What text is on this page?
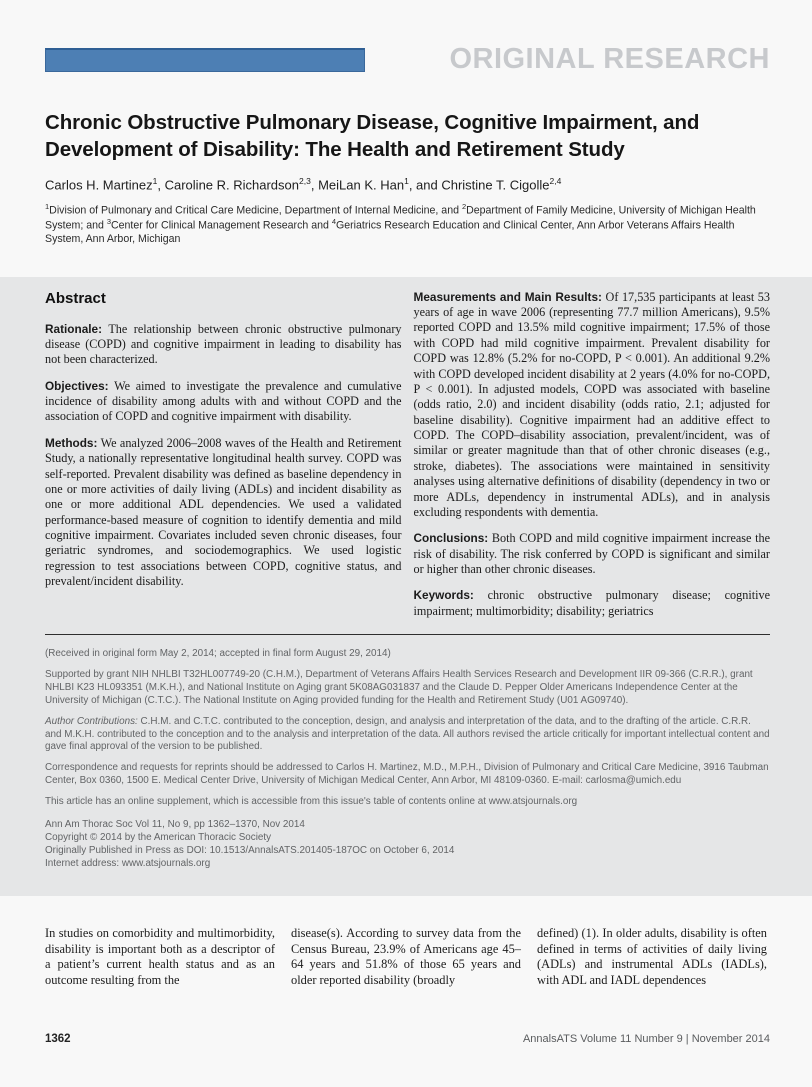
ORIGINAL RESEARCH
Chronic Obstructive Pulmonary Disease, Cognitive Impairment, and Development of Disability: The Health and Retirement Study

Carlos H. Martinez$^1$, Caroline R. Richardson$^{2,3}$, MeiLan K. Han$^1$, and Christine T. Cigolle$^{2,4}$

$^1$Division of Pulmonary and Critical Care Medicine, Department of Internal Medicine, and $^2$Department of Family Medicine, University of Michigan Health System; and $^3$Center for Clinical Management Research and $^4$Geriatrics Research Education and Clinical Center, Ann Arbor Veterans Affairs Health System, Ann Arbor, Michigan

Abstract

Rationale: The relationship between chronic obstructive pulmonary disease (COPD) and cognitive impairment in leading to disability has not been characterized.

Objectives: We aimed to investigate the prevalence and cumulative incidence of disability among adults with and without COPD and the association of COPD and cognitive impairment with disability.

Methods: We analyzed 2006–2008 waves of the Health and Retirement Study, a nationally representative longitudinal health survey. COPD was self-reported. Prevalent disability was defined as baseline dependency in one or more activities of daily living (ADLs) and incident disability as one or more additional ADL dependencies. We used a validated performance-based measure of cognition to identify dementia and mild cognitive impairment. Covariates included seven chronic diseases, four geriatric syndromes, and sociodemographics. We used logistic regression to test associations between COPD, cognitive status, and prevalent/incident disability.

Measurements and Main Results: Of 17,535 participants at least 53 years of age in wave 2006 (representing 77.7 million Americans), 9.5% reported COPD and 13.5% mild cognitive impairment; 17.5% of those with COPD had mild cognitive impairment. Prevalent disability for COPD was 12.8% (5.2% for no-COPD, P < 0.001). An additional 9.2% with COPD developed incident disability at 2 years (4.0% for no-COPD, P < 0.001). In adjusted models, COPD was associated with baseline (odds ratio, 2.0) and incident disability (odds ratio, 2.1; adjusted for baseline disability). Cognitive impairment had an additive effect to COPD. The COPD–disability association, prevalent/incident, was of similar or greater magnitude than that of other chronic diseases (e.g., stroke, diabetes). The associations were maintained in sensitivity analyses using alternative definitions of disability (dependency in two or more ADLs, dependency in instrumental ADLs), and in analysis excluding respondents with dementia.

Conclusions: Both COPD and mild cognitive impairment increase the risk of disability. The risk conferred by COPD is significant and similar or higher than other chronic diseases.

Keywords: chronic obstructive pulmonary disease; cognitive impairment; multimorbidity; disability; geriatrics

(Received in original form May 2, 2014; accepted in final form August 29, 2014)

Supported by grant NIH NHLBI T32HL007749-20 (C.H.M.), Department of Veterans Affairs Health Services Research and Development IIR 09-366 (C.R.R.), grant NHLBI K23 HL093351 (M.K.H.), and National Institute on Aging grant 5K08AG031837 and the Claude D. Pepper Older Americans Independence Center at the University of Michigan (C.T.C.). The National Institute on Aging provided funding for the Health and Retirement Study (U01 AG09740).

Author Contributions: C.H.M. and C.T.C. contributed to the conception, design, and analysis and interpretation of the data, and to the drafting of the article. C.R.R. and M.K.H. contributed to the conception and to the analysis and interpretation of the data. All authors revised the article critically for important intellectual content and gave final approval of the version to be published.

Correspondence and requests for reprints should be addressed to Carlos H. Martinez, M.D., M.P.H., Division of Pulmonary and Critical Care Medicine, 3916 Taubman Center, Box 0360, 1500 E. Medical Center Drive, University of Michigan Medical Center, Ann Arbor, MI 48109-0360. E-mail: carlosma@umich.edu

This article has an online supplement, which is accessible from this issue's table of contents online at www.atsjournals.org

Ann Am Thorac Soc Vol 11, No 9, pp 1362–1370, Nov 2014

Copyright © 2014 by the American Thoracic Society

Originally Published in Press as DOI: 10.1513/AnnalsATS.201405-187OC on October 6, 2014

Internet address: www.atsjournals.org

In studies on comorbidity and multimorbidity, disability is important both as a descriptor of a patient’s current health status and as an outcome resulting from the
disease(s). According to survey data from the Census Bureau, 23.9% of Americans age 45–64 years and 51.8% of those 65 years and older reported disability (broadly
defined) (1). In older adults, disability is often defined in terms of activities of daily living (ADLs) and instrumental ADLs (IADLs), with ADL and IADL dependences
1362	AnnalsATS Volume 11 Number 9 | November 2014
